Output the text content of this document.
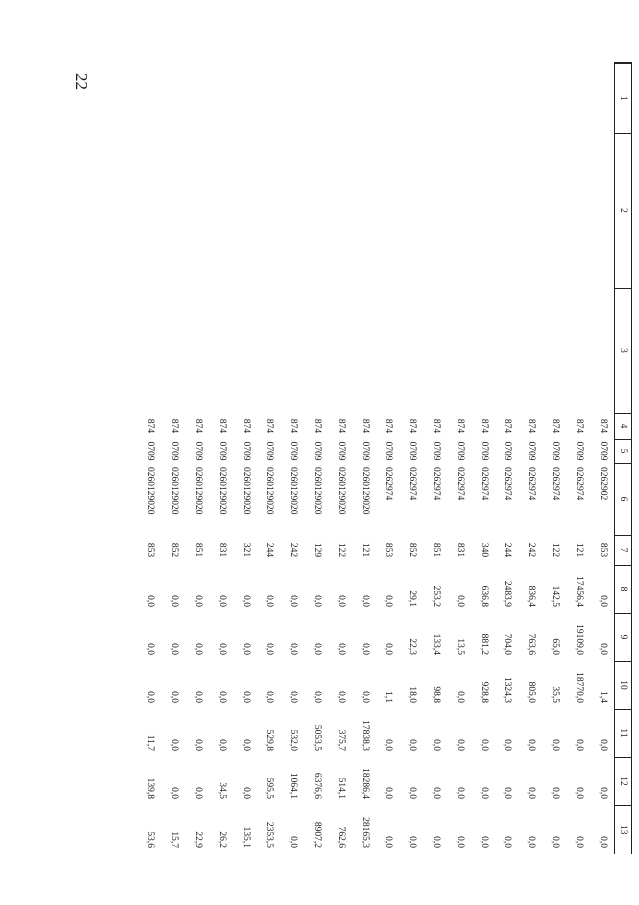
22
1	2	3	4	5	6	7	8	9	10	11	12	13
			874	0709	0262902	853	0,0	0,0	1,4	0,0	0,0	0,0
			874	0709	0262974	121	17456,4	19109,0	18770,0	0,0	0,0	0,0
			874	0709	0262974	122	142,5	65,0	35,5	0,0	0,0	0,0
			874	0709	0262974	242	836,4	763,6	805,0	0,0	0,0	0,0
			874	0709	0262974	244	2483,9	704,0	1324,3	0,0	0,0	0,0
			874	0709	0262974	340	636,8	881,2	928,8	0,0	0,0	0,0
			874	0709	0262974	831	0,0	13,5	0,0	0,0	0,0	0,0
			874	0709	0262974	851	253,2	133,4	98,8	0,0	0,0	0,0
			874	0709	0262974	852	29,1	22,3	18,0	0,0	0,0	0,0
			874	0709	0262974	853	0,0	0,0	1,1	0,0	0,0	0,0
			874	0709	0260129020	121	0,0	0,0	0,0	17838,3	18286,4	28165,3
			874	0709	0260129020	122	0,0	0,0	0,0	375,7	514,1	762,6
			874	0709	0260129020	129	0,0	0,0	0,0	5053,5	6376,6	8907,2
			874	0709	0260129020	242	0,0	0,0	0,0	532,0	1064,1	0,0
			874	0709	0260129020	244	0,0	0,0	0,0	529,8	595,5	2353,5
			874	0709	0260129020	321	0,0	0,0	0,0	0,0	0,0	135,1
			874	0709	0260129020	831	0,0	0,0	0,0	0,0	34,5	26,2
			874	0709	0260129020	851	0,0	0,0	0,0	0,0	0,0	22,9
			874	0709	0260129020	852	0,0	0,0	0,0	0,0	0,0	15,7
			874	0709	0260129020	853	0,0	0,0	0,0	11,7	139,8	53,6
